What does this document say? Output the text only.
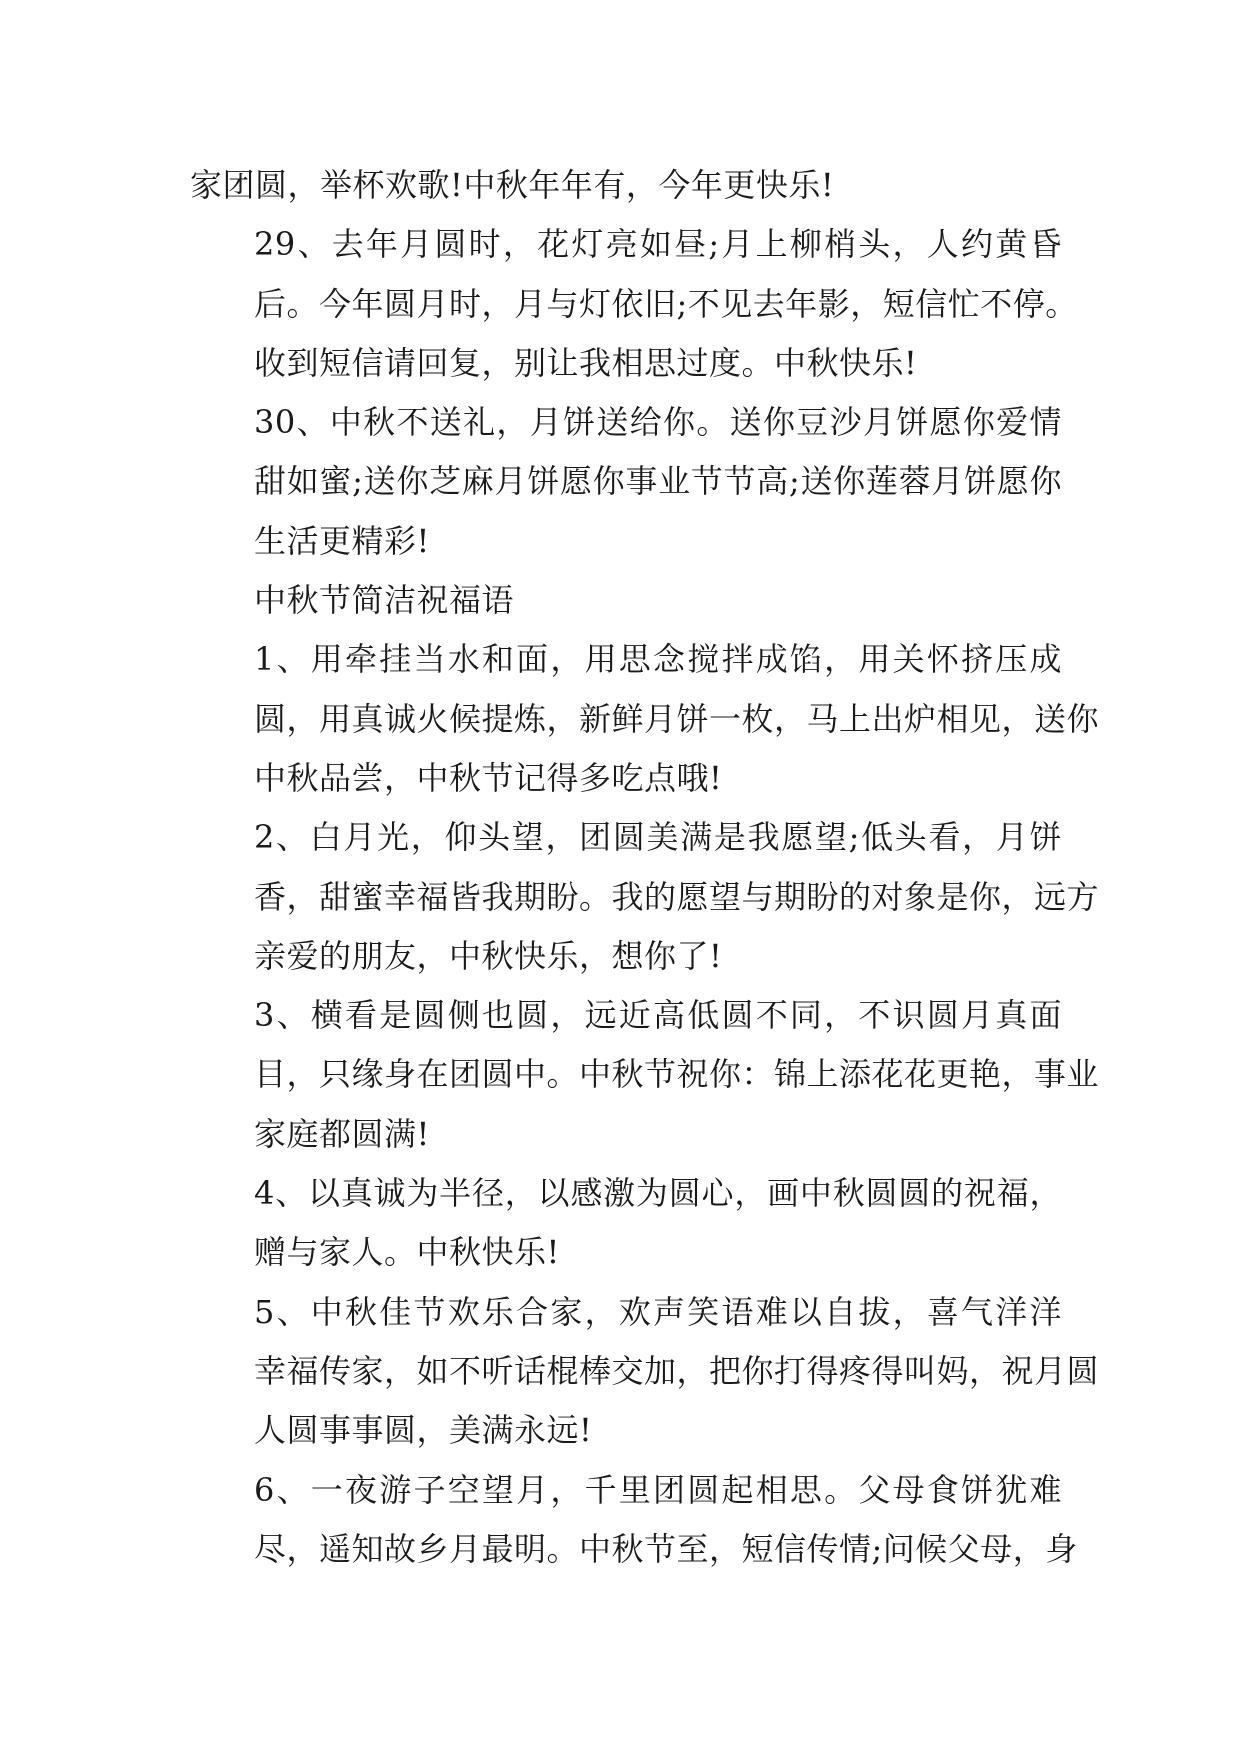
家团圆，举杯欢歌!中秋年年有，今年更快乐!

29、去年月圆时，花灯亮如昼;月上柳梢头，人约黄昏
后。今年圆月时，月与灯依旧;不见去年影，短信忙不停。
收到短信请回复，别让我相思过度。中秋快乐!

30、中秋不送礼，月饼送给你。送你豆沙月饼愿你爱情
甜如蜜;送你芝麻月饼愿你事业节节高;送你莲蓉月饼愿你
生活更精彩!

中秋节简洁祝福语

1、用牵挂当水和面，用思念搅拌成馅，用关怀挤压成
圆，用真诚火候提炼，新鲜月饼一枚，马上出炉相见，送你
中秋品尝，中秋节记得多吃点哦!

2、白月光，仰头望，团圆美满是我愿望;低头看，月饼
香，甜蜜幸福皆我期盼。我的愿望与期盼的对象是你，远方
亲爱的朋友，中秋快乐，想你了!

3、横看是圆侧也圆，远近高低圆不同，不识圆月真面
目，只缘身在团圆中。中秋节祝你：锦上添花花更艳，事业
家庭都圆满!

4、以真诚为半径，以感激为圆心，画中秋圆圆的祝福，
赠与家人。中秋快乐!

5、中秋佳节欢乐合家，欢声笑语难以自拔，喜气洋洋
幸福传家，如不听话棍棒交加，把你打得疼得叫妈，祝月圆
人圆事事圆，美满永远!

6、一夜游子空望月，千里团圆起相思。父母食饼犹难
尽，遥知故乡月最明。中秋节至，短信传情;问候父母，身
